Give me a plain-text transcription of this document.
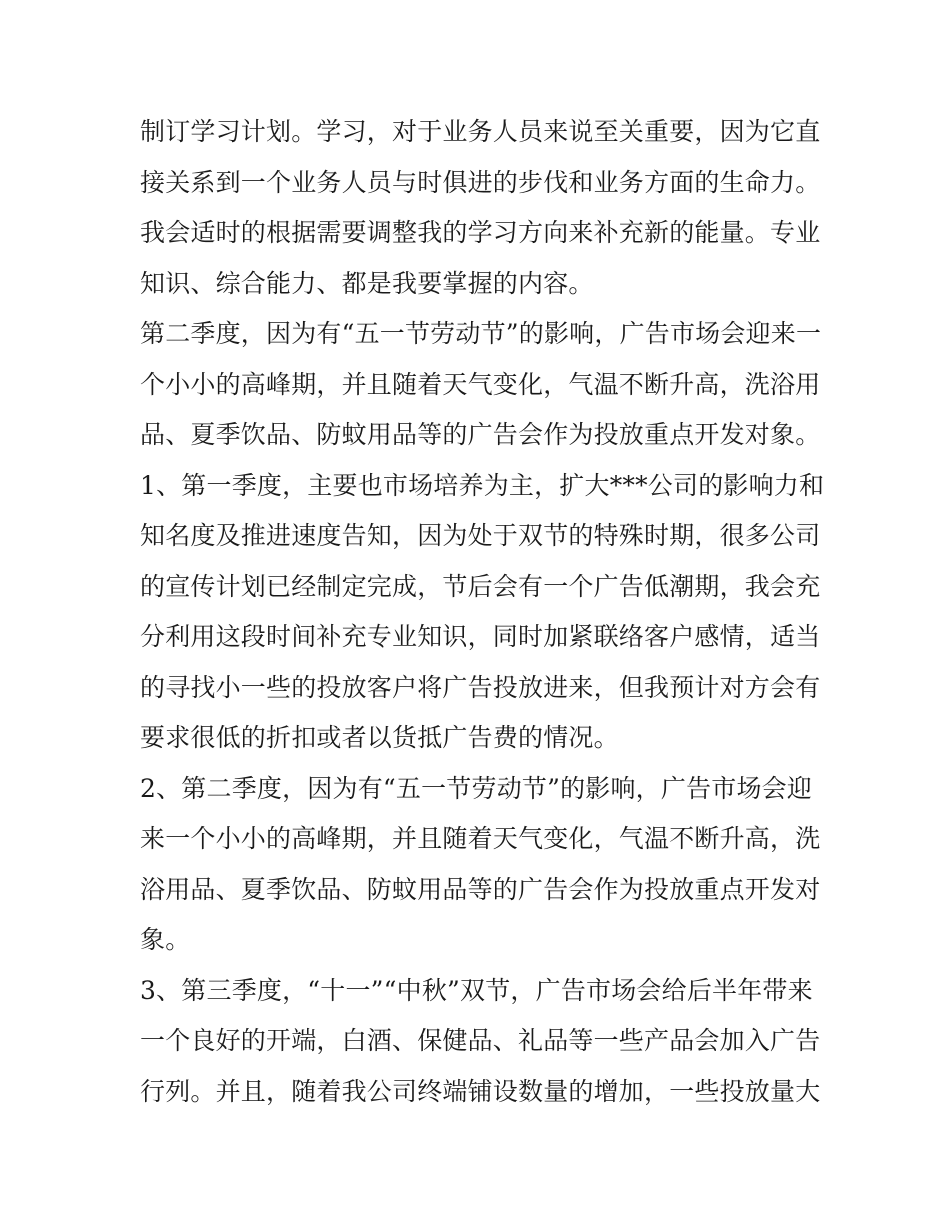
制订学习计划。学习，对于业务人员来说至关重要，因为它直
接关系到一个业务人员与时俱进的步伐和业务方面的生命力。
我会适时的根据需要调整我的学习方向来补充新的能量。专业
知识、综合能力、都是我要掌握的内容。
第二季度，因为有“五一节劳动节”的影响，广告市场会迎来一
个小小的高峰期，并且随着天气变化，气温不断升高，洗浴用
品、夏季饮品、防蚊用品等的广告会作为投放重点开发对象。
1、第一季度，主要也市场培养为主，扩大***公司的影响力和
知名度及推进速度告知，因为处于双节的特殊时期，很多公司
的宣传计划已经制定完成，节后会有一个广告低潮期，我会充
分利用这段时间补充专业知识，同时加紧联络客户感情，适当
的寻找小一些的投放客户将广告投放进来，但我预计对方会有
要求很低的折扣或者以货抵广告费的情况。
2、第二季度，因为有“五一节劳动节”的影响，广告市场会迎
来一个小小的高峰期，并且随着天气变化，气温不断升高，洗
浴用品、夏季饮品、防蚊用品等的广告会作为投放重点开发对
象。
3、第三季度，“十一”“中秋”双节，广告市场会给后半年带来
一个良好的开端，白酒、保健品、礼品等一些产品会加入广告
行列。并且，随着我公司终端铺设数量的增加，一些投放量大
